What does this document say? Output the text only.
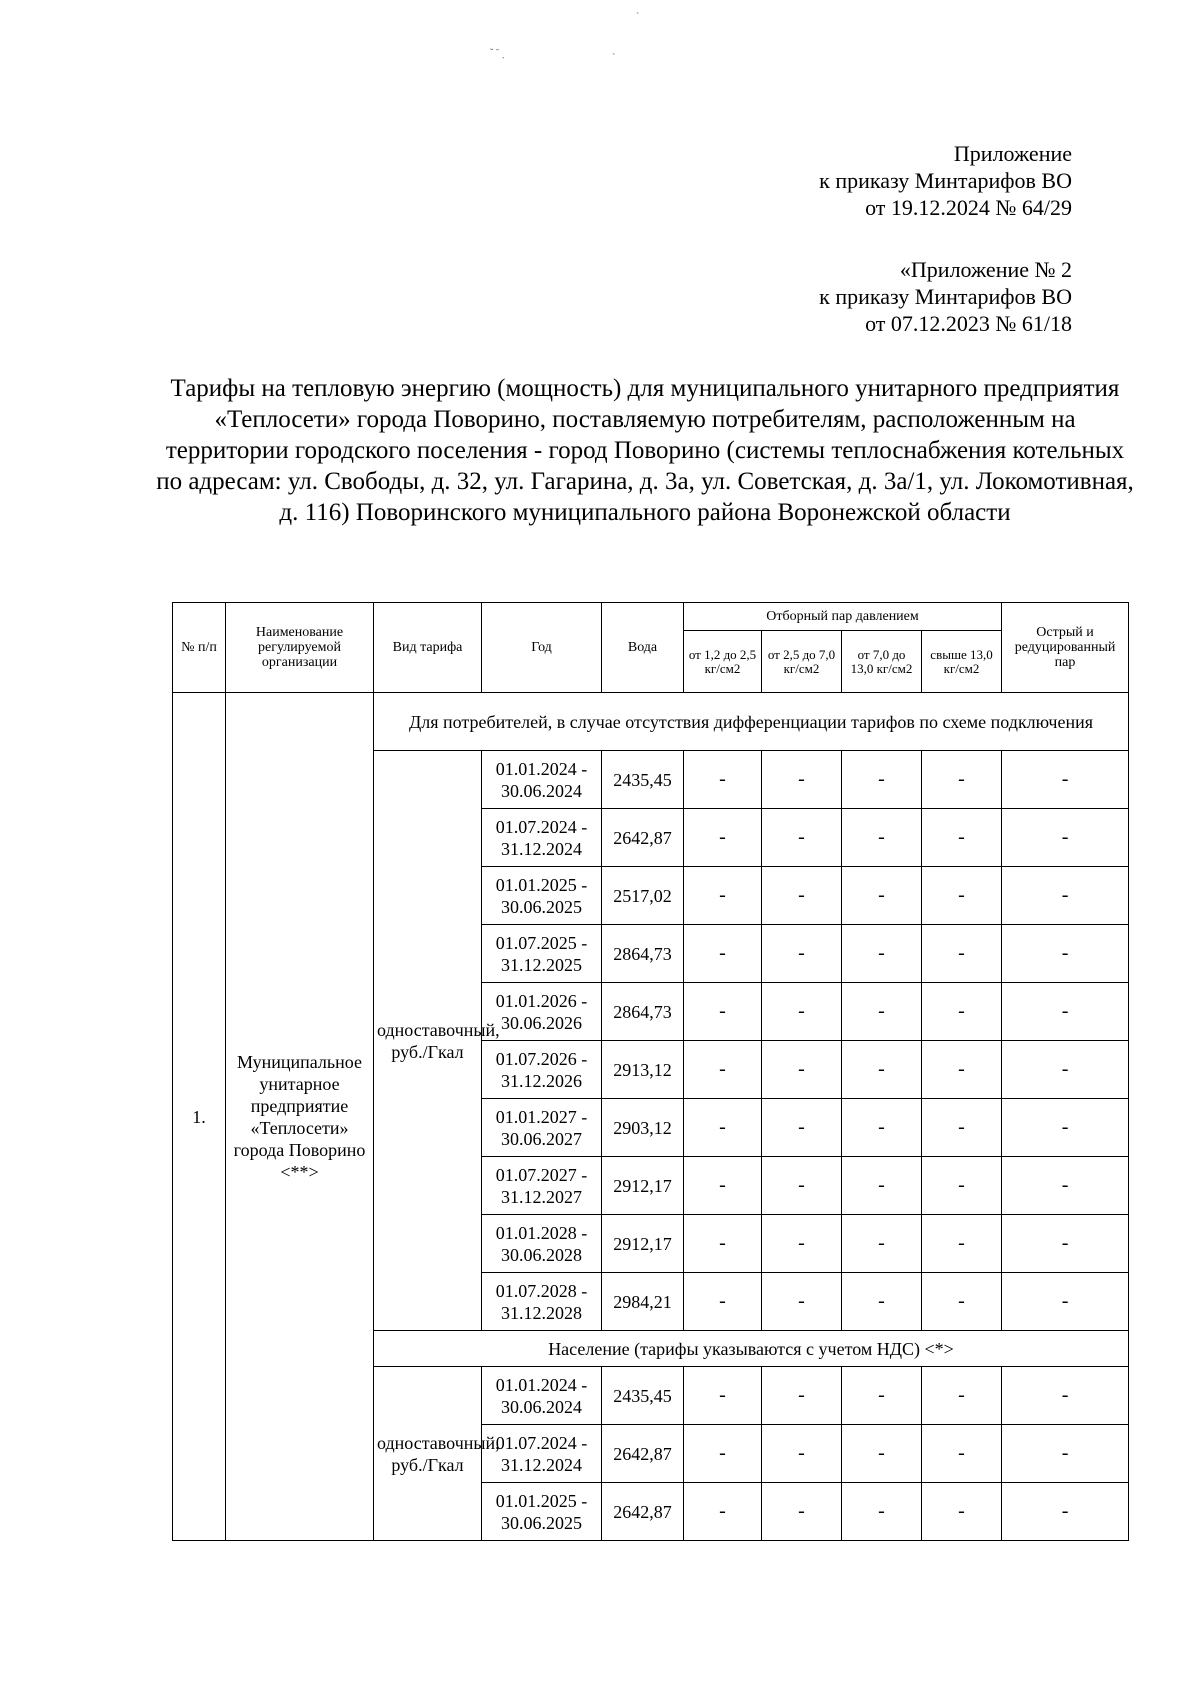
ˇ ˉ ˏ	˴
ˋ
Приложение
к приказу Минтарифов ВО
от 19.12.2024 № 64/29
«Приложение № 2
к приказу Минтарифов ВО
от 07.12.2023 № 61/18
Тарифы на тепловую энергию (мощность) для муниципального унитарного предприятия «Теплосети» города Поворино, поставляемую потребителям, расположенным на территории городского поселения - город Поворино (системы теплоснабжения котельных по адресам: ул. Свободы, д. 32, ул. Гагарина, д. 3а, ул. Советская, д. 3а/1, ул. Локомотивная, д. 116) Поворинского муниципального района Воронежской области
№ п/п	Наименование регулируемой организации	Вид тарифа	Год	Вода	Отборный пар давлением				Острый и редуцированный пар
					от 1,2 до 2,5 кг/см2	от 2,5 до 7,0 кг/см2	от 7,0 до 13,0 кг/см2	свыше 13,0 кг/см2	
1.	Муниципальное унитарное предприятие «Теплосети» города Поворино <**>	Для потребителей, в случае отсутствия дифференциации тарифов по схеме подключения							
		одноставочный, руб./Гкал	01.01.2024 - 30.06.2024	2435,45	-	-	-	-	-
			01.07.2024 - 31.12.2024	2642,87	-	-	-	-	-
			01.01.2025 - 30.06.2025	2517,02	-	-	-	-	-
			01.07.2025 - 31.12.2025	2864,73	-	-	-	-	-
			01.01.2026 - 30.06.2026	2864,73	-	-	-	-	-
			01.07.2026 - 31.12.2026	2913,12	-	-	-	-	-
			01.01.2027 - 30.06.2027	2903,12	-	-	-	-	-
			01.07.2027 - 31.12.2027	2912,17	-	-	-	-	-
			01.01.2028 - 30.06.2028	2912,17	-	-	-	-	-
			01.07.2028 - 31.12.2028	2984,21	-	-	-	-	-
		Население (тарифы указываются с учетом НДС) <*>							
		одноставочный, руб./Гкал	01.01.2024 - 30.06.2024	2435,45	-	-	-	-	-
			01.07.2024 - 31.12.2024	2642,87	-	-	-	-	-
			01.01.2025 - 30.06.2025	2642,87	-	-	-	-	-
